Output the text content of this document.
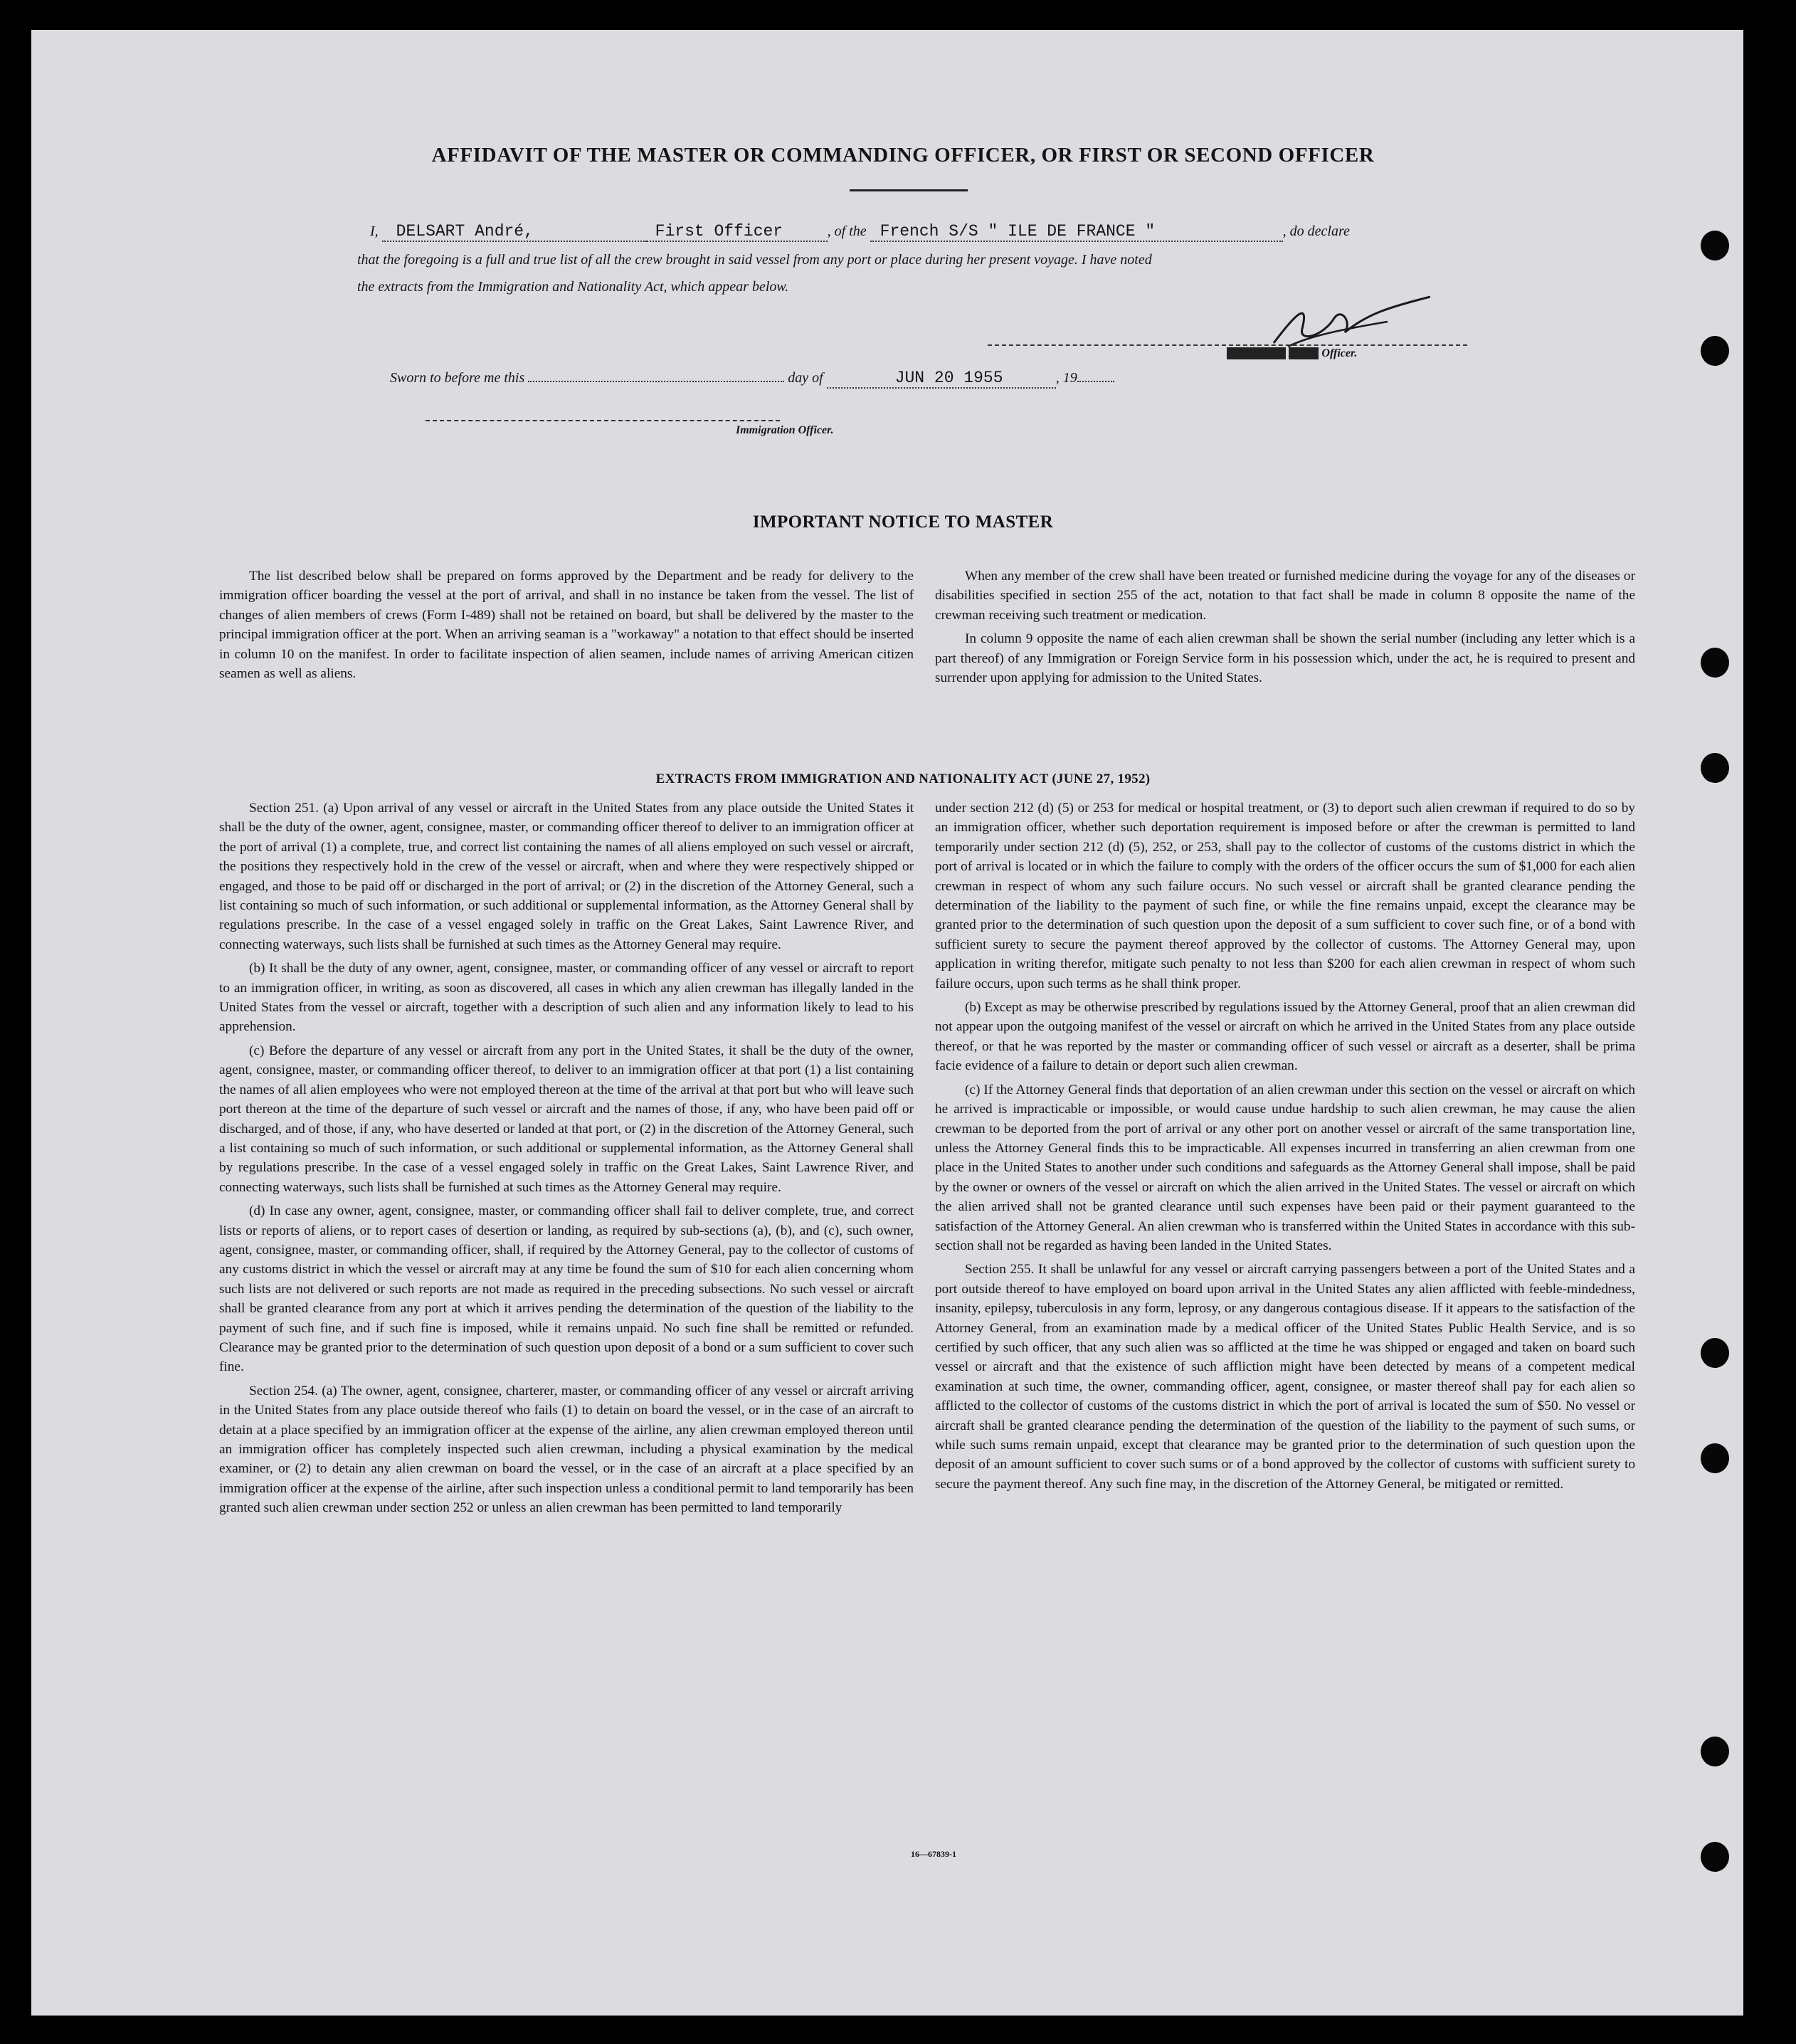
AFFIDAVIT OF THE MASTER OR COMMANDING OFFICER, OR FIRST OR SECOND OFFICER
I, DELSART André,	First Officer	, of the French S/S " ILE DE FRANCE "	, do declare
that the foregoing is a full and true list of all the crew brought in said vessel from any port or place during her present voyage. I have noted
the extracts from the Immigration and Nationality Act, which appear below.
XXXX, First XXXX Officer.
Sworn to before me this	day of	JUN 20 1955	, 19
Immigration Officer.
IMPORTANT NOTICE TO MASTER

The list described below shall be prepared on forms approved by the Department and be ready for delivery to the immigration officer boarding the vessel at the port of arrival, and shall in no instance be taken from the vessel. The list of changes of alien members of crews (Form I-489) shall not be retained on board, but shall be delivered by the master to the principal immigration officer at the port. When an arriving seaman is a "workaway" a notation to that effect should be inserted in column 10 on the manifest. In order to facilitate inspection of alien seamen, include names of arriving American citizen seamen as well as aliens.

When any member of the crew shall have been treated or furnished medicine during the voyage for any of the diseases or disabilities specified in section 255 of the act, notation to that fact shall be made in column 8 opposite the name of the crewman receiving such treatment or medication.

In column 9 opposite the name of each alien crewman shall be shown the serial number (including any letter which is a part thereof) of any Immigration or Foreign Service form in his possession which, under the act, he is required to present and surrender upon applying for admission to the United States.

EXTRACTS FROM IMMIGRATION AND NATIONALITY ACT (JUNE 27, 1952)

Section 251. (a) Upon arrival of any vessel or aircraft in the United States from any place outside the United States it shall be the duty of the owner, agent, consignee, master, or commanding officer thereof to deliver to an immigration officer at the port of arrival (1) a complete, true, and correct list containing the names of all aliens employed on such vessel or aircraft, the positions they respectively hold in the crew of the vessel or aircraft, when and where they were respectively shipped or engaged, and those to be paid off or discharged in the port of arrival; or (2) in the discretion of the Attorney General, such a list containing so much of such information, or such additional or supplemental information, as the Attorney General shall by regulations prescribe. In the case of a vessel engaged solely in traffic on the Great Lakes, Saint Lawrence River, and connecting waterways, such lists shall be furnished at such times as the Attorney General may require.

(b) It shall be the duty of any owner, agent, consignee, master, or commanding officer of any vessel or aircraft to report to an immigration officer, in writing, as soon as discovered, all cases in which any alien crewman has illegally landed in the United States from the vessel or aircraft, together with a description of such alien and any information likely to lead to his apprehension.

(c) Before the departure of any vessel or aircraft from any port in the United States, it shall be the duty of the owner, agent, consignee, master, or commanding officer thereof, to deliver to an immigration officer at that port (1) a list containing the names of all alien employees who were not employed thereon at the time of the arrival at that port but who will leave such port thereon at the time of the departure of such vessel or aircraft and the names of those, if any, who have been paid off or discharged, and of those, if any, who have deserted or landed at that port, or (2) in the discretion of the Attorney General, such a list containing so much of such information, or such additional or supplemental information, as the Attorney General shall by regulations prescribe. In the case of a vessel engaged solely in traffic on the Great Lakes, Saint Lawrence River, and connecting waterways, such lists shall be furnished at such times as the Attorney General may require.

(d) In case any owner, agent, consignee, master, or commanding officer shall fail to deliver complete, true, and correct lists or reports of aliens, or to report cases of desertion or landing, as required by sub-sections (a), (b), and (c), such owner, agent, consignee, master, or commanding officer, shall, if required by the Attorney General, pay to the collector of customs of any customs district in which the vessel or aircraft may at any time be found the sum of $10 for each alien concerning whom such lists are not delivered or such reports are not made as required in the preceding subsections. No such vessel or aircraft shall be granted clearance from any port at which it arrives pending the determination of the question of the liability to the payment of such fine, and if such fine is imposed, while it remains unpaid. No such fine shall be remitted or refunded. Clearance may be granted prior to the determination of such question upon deposit of a bond or a sum sufficient to cover such fine.

Section 254. (a) The owner, agent, consignee, charterer, master, or commanding officer of any vessel or aircraft arriving in the United States from any place outside thereof who fails (1) to detain on board the vessel, or in the case of an aircraft to detain at a place specified by an immigration officer at the expense of the airline, any alien crewman employed thereon until an immigration officer has completely inspected such alien crewman, including a physical examination by the medical examiner, or (2) to detain any alien crewman on board the vessel, or in the case of an aircraft at a place specified by an immigration officer at the expense of the airline, after such inspection unless a conditional permit to land temporarily has been granted such alien crewman under section 252 or unless an alien crewman has been permitted to land temporarily

under section 212 (d) (5) or 253 for medical or hospital treatment, or (3) to deport such alien crewman if required to do so by an immigration officer, whether such deportation requirement is imposed before or after the crewman is permitted to land temporarily under section 212 (d) (5), 252, or 253, shall pay to the collector of customs of the customs district in which the port of arrival is located or in which the failure to comply with the orders of the officer occurs the sum of $1,000 for each alien crewman in respect of whom any such failure occurs. No such vessel or aircraft shall be granted clearance pending the determination of the liability to the payment of such fine, or while the fine remains unpaid, except the clearance may be granted prior to the determination of such question upon the deposit of a sum sufficient to cover such fine, or of a bond with sufficient surety to secure the payment thereof approved by the collector of customs. The Attorney General may, upon application in writing therefor, mitigate such penalty to not less than $200 for each alien crewman in respect of whom such failure occurs, upon such terms as he shall think proper.

(b) Except as may be otherwise prescribed by regulations issued by the Attorney General, proof that an alien crewman did not appear upon the outgoing manifest of the vessel or aircraft on which he arrived in the United States from any place outside thereof, or that he was reported by the master or commanding officer of such vessel or aircraft as a deserter, shall be prima facie evidence of a failure to detain or deport such alien crewman.

(c) If the Attorney General finds that deportation of an alien crewman under this section on the vessel or aircraft on which he arrived is impracticable or impossible, or would cause undue hardship to such alien crewman, he may cause the alien crewman to be deported from the port of arrival or any other port on another vessel or aircraft of the same transportation line, unless the Attorney General finds this to be impracticable. All expenses incurred in transferring an alien crewman from one place in the United States to another under such conditions and safeguards as the Attorney General shall impose, shall be paid by the owner or owners of the vessel or aircraft on which the alien arrived in the United States. The vessel or aircraft on which the alien arrived shall not be granted clearance until such expenses have been paid or their payment guaranteed to the satisfaction of the Attorney General. An alien crewman who is transferred within the United States in accordance with this sub-section shall not be regarded as having been landed in the United States.

Section 255. It shall be unlawful for any vessel or aircraft carrying passengers between a port of the United States and a port outside thereof to have employed on board upon arrival in the United States any alien afflicted with feeble-mindedness, insanity, epilepsy, tuberculosis in any form, leprosy, or any dangerous contagious disease. If it appears to the satisfaction of the Attorney General, from an examination made by a medical officer of the United States Public Health Service, and is so certified by such officer, that any such alien was so afflicted at the time he was shipped or engaged and taken on board such vessel or aircraft and that the existence of such affliction might have been detected by means of a competent medical examination at such time, the owner, commanding officer, agent, consignee, or master thereof shall pay for each alien so afflicted to the collector of customs of the customs district in which the port of arrival is located the sum of $50. No vessel or aircraft shall be granted clearance pending the determination of the question of the liability to the payment of such sums, or while such sums remain unpaid, except that clearance may be granted prior to the determination of such question upon the deposit of an amount sufficient to cover such sums or of a bond approved by the collector of customs with sufficient surety to secure the payment thereof. Any such fine may, in the discretion of the Attorney General, be mitigated or remitted.

16—67839-1
